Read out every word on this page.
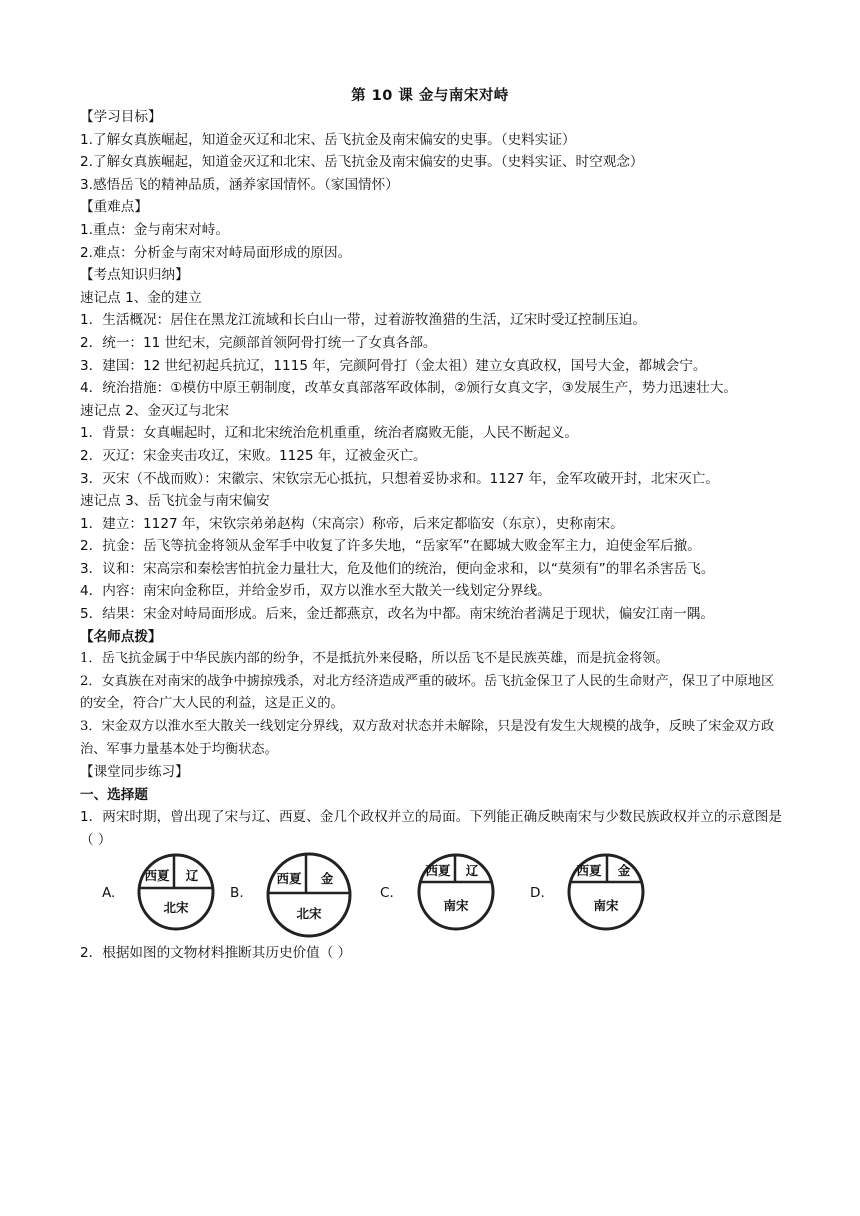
第 10 课 金与南宋对峙

【学习目标】

1.了解女真族崛起，知道金灭辽和北宋、岳飞抗金及南宋偏安的史事。（史料实证）

2.了解女真族崛起，知道金灭辽和北宋、岳飞抗金及南宋偏安的史事。（史料实证、时空观念）

3.感悟岳飞的精神品质，涵养家国情怀。（家国情怀）

【重难点】

1.重点：金与南宋对峙。

2.难点：分析金与南宋对峙局面形成的原因。

【考点知识归纳】

速记点 1、金的建立

1．生活概况：居住在黑龙江流域和长白山一带，过着游牧渔猎的生活，辽宋时受辽控制压迫。

2．统一：11 世纪末，完颜部首领阿骨打统一了女真各部。

3．建国：12 世纪初起兵抗辽，1115 年，完颜阿骨打（金太祖）建立女真政权，国号大金，都城会宁。

4．统治措施：①模仿中原王朝制度，改革女真部落军政体制，②颁行女真文字，③发展生产，势力迅速壮大。

速记点 2、金灭辽与北宋

1．背景：女真崛起时，辽和北宋统治危机重重，统治者腐败无能，人民不断起义。

2．灭辽：宋金夹击攻辽，宋败。1125 年，辽被金灭亡。

3．灭宋（不战而败）：宋徽宗、宋钦宗无心抵抗，只想着妥协求和。1127 年，金军攻破开封，北宋灭亡。

速记点 3、岳飞抗金与南宋偏安

1．建立：1127 年，宋钦宗弟弟赵构（宋高宗）称帝，后来定都临安（东京），史称南宋。

2．抗金：岳飞等抗金将领从金军手中收复了许多失地，“岳家军”在郾城大败金军主力，迫使金军后撤。

3．议和：宋高宗和秦桧害怕抗金力量壮大，危及他们的统治，便向金求和，以“莫须有”的罪名杀害岳飞。

4．内容：南宋向金称臣，并给金岁币，双方以淮水至大散关一线划定分界线。

5．结果：宋金对峙局面形成。后来，金迁都燕京，改名为中都。南宋统治者满足于现状，偏安江南一隅。

【名师点拨】

1．岳飞抗金属于中华民族内部的纷争，不是抵抗外来侵略，所以岳飞不是民族英雄，而是抗金将领。

2．女真族在对南宋的战争中掳掠残杀，对北方经济造成严重的破坏。岳飞抗金保卫了人民的生命财产，保卫了中原地区的安全，符合广大人民的利益，这是正义的。

3．宋金双方以淮水至大散关一线划定分界线，双方敌对状态并未解除，只是没有发生大规模的战争，反映了宋金双方政治、军事力量基本处于均衡状态。

【课堂同步练习】

一、选择题

1．两宋时期，曾出现了宋与辽、西夏、金几个政权并立的局面。下列能正确反映南宋与少数民族政权并立的示意图是（ ）

A.
西夏 辽
北宋
B.
西夏 金
北宋
C.
西夏 辽
南宋
D.
西夏 金
南宋

2．根据如图的文物材料推断其历史价值（ ）
